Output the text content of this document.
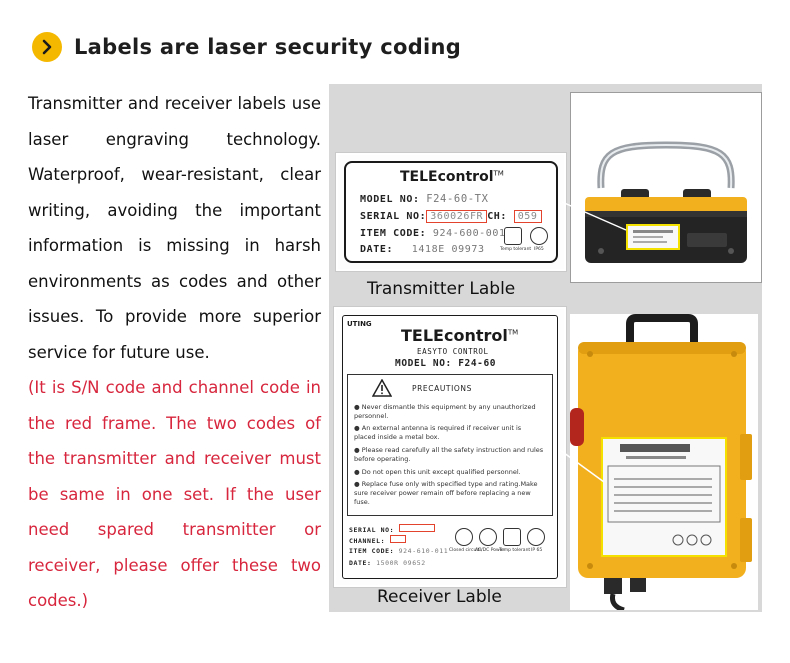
Labels are laser security coding

Transmitter and receiver labels use laser engraving technology. Waterproof, wear-resistant, clear writing, avoiding the important information is missing in harsh environments as codes and other issues. To provide more superior service for future use.

(It is S/N code and channel code in the red frame. The two codes of the transmitter and receiver must be same in one set. If the user need spared transmitter or receiver, please offer these two codes.)

TELEcontrol™
MODEL NO: F24-60-TX
SERIAL NO: 360026FR CH: 059
ITEM CODE: 924-600-001
DATE: 1418E 09973	Temp tolerant IP65
Transmitter Lable
UTING
TELEcontrol™
EASYTO CONTROL
MODEL NO: F24-60
PRECAUTIONS
● Never dismantle this equipment by any unauthorized personnel.
● An external antenna is required if receiver unit is placed inside a metal box.
● Please read carefully all the safety instruction and rules before operating.
● Do not open this unit except qualified personnel.
● Replace fuse only with specified type and rating.Make sure receiver power remain off before replacing a new fuse.
SERIAL NO:
CHANNEL:
ITEM CODE: 924-610-011
DATE: 1500R 09652
Closed circuits
AC/DC Power
Temp tolerant IP 65
Receiver Lable
